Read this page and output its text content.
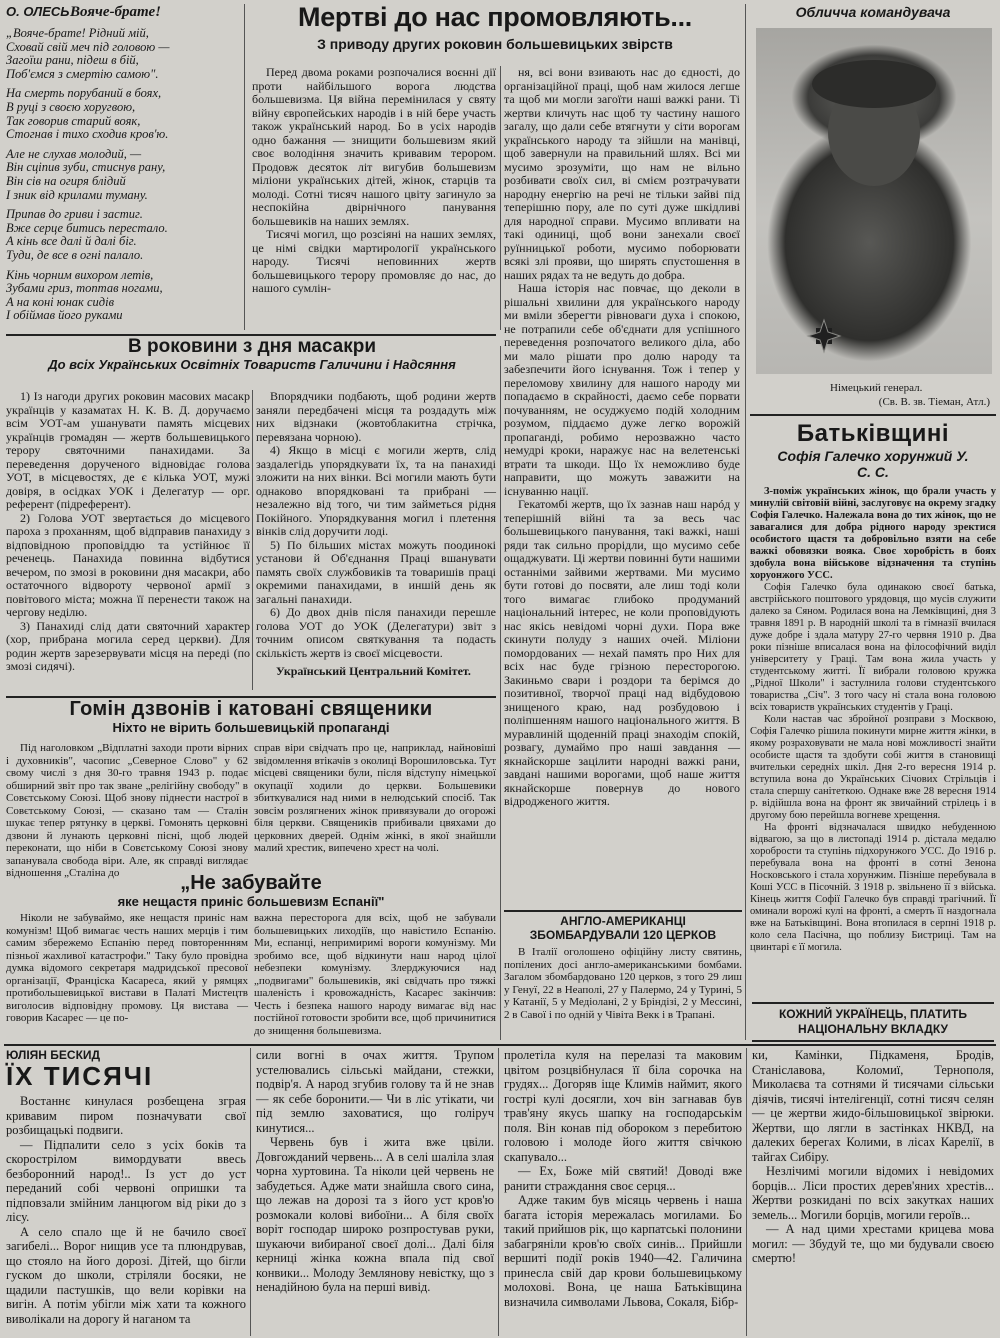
О. ОЛЕСЬ Вояче-брате!

„Вояче-брате! Рідний мій,
Сховай свій меч під головою —
Загоїш рани, підеш в бій,
Поб'ємся з смертію самою".

На смерть порубаний в боях,
В руці з своєю хоругвою,
Так говорив старий вояк,
Стогнав і тихо сходив кров'ю.

Але не слухав молодий, —
Він сціпив зуби, стиснув рану,
Він сів на огиря блідий
І зник від крилами туману.

Припав до гриви і застиг.
Вже серце битись перестало.
А кінь все далі й далі біг.
Туди, де все в огні палало.

Кінь чорним вихором летів,
Зубами гриз, топтав ногами,
А на коні юнак сидів
І обіймав його руками

Мертві до нас промовляють...
З приводу других роковин большевицьких звірств

Перед двома роками розпочалися воєнні дії проти найбільшого ворога людства большевизма. Ця війна перемінилася у святу війну європейських народів і в ній бере участь також український народ. Бо в усіх народів одно бажання — знищити большевизм який своє володіння значить кривавим терором. Продовж десяток літ вигубив большевизм міліони українських дітей, жінок, старців та молоді. Сотні тисяч нашого цвіту загинуло за неспокійна двірнічного панування большевиків на наших землях.

Тисячі могил, що розсіяні на наших землях, це німі свідки мартирології українського народу. Тисячі неповинних жертв большевицького терору промовляє до нас, до нашого сумлін-

ня, всі вони взивають нас до єдності, до організаційної праці, щоб нам жилося легше та щоб ми могли загоїти наші важкі рани. Ті жертви кличуть нас щоб ту частину нашого загалу, що дали себе втягнути у сіти ворогам українського народу та зійшли на манівці, щоб завернули на правильний шлях. Всі ми мусимо зрозуміти, що нам не вільно розбивати своїх сил, ві смієм розтрачувати народну енергію на речі не тільки зайві під теперішню пору, але по суті дуже шкідливі для народної справи. Мусимо впливати на такі одиниці, щоб вони занехали своєї руїнницької роботи, мусимо поборювати всякі злі прояви, що ширять спустошення в наших рядах та не ведуть до добра.

Наша історія нас повчає, що деколи в рішальні хвилини для українського народу ми вміли зберегти рівноваги духа і спокою, не потрапили себе об'єднати для успішного переведення розпочатого великого діла, або ми мало рішати про долю народу та забезпечити його існування. Тож і тепер у переломову хвилину для нашого народу ми попадаємо в скрайності, даємо себе порвати почуванням, не осуджуємо подій холодним розумом, піддаємо дуже легко ворожій пропаганді, робимо нерозважно часто немудрі кроки, наражує нас на велетенські втрати та шкоди. Що їх неможливо буде направити, що можуть заважити на існуванню нації.

Гекатомбі жертв, що їх зазнав наш нарóд у теперішній війні та за весь час большевицького панування, такі важкі, наші ряди так сильно прорідли, що мусимо себе ощаджувати. Ці жертви повинні бути нашими останніми зайвими жертвами. Ми мусимо бути готові до посвяти, але лиш тоді коли того вимагає глибоко продуманий національний інтерес, не коли проповідують нас якісь невідомі чорні духи. Пора вже скинути полуду з наших очей. Міліони помордованих — нехай память про Них для всіх нас буде грізною пересторогою. Закиньмо свари і роздори та берімся до позитивної, творчої праці над відбудовою знищеного краю, над розбудовою і поліпшенням нашого національного життя. В муравлиній щоденній праці знаходім спокій, розвагу, думаймо про наші завдання — якнайскорше зацілити народні важкі рани, завдані нашими ворогами, щоб наше життя якнайскорше повернув до нового відродженого життя.

Обличча командувача
Німецький генерал.
(Св. В. зв. Тіеман, Атл.)
В роковини з дня масакри
До всіх Українських Освітніх Товариств Галичини і Надсяння

1) Із нагоди других роковин масових масакр українців у казаматах Н. К. В. Д. доручаємо всім УОТ-ам ушанувати память місцевих українців громадян — жертв большевицького терору святочними панахидами. За переведення дорученого відновідає голова УОТ, в місцевостях, де є кілька УОТ, мужі довіря, в осідках УОК і Делегатур — орг. референт (підреферент).

2) Голова УОТ звертається до місцевого пароха з проханням, щоб відправив панахиду з відповідною проповіддю та устійнює її реченець. Панахида повинна відбутися вечером, по змозі в роковини дня масакри, або остаточного відвороту червоної армії з повітового міста; можна її перенести також на чергову неділю.

3) Панахиді слід дати святочний характер (хор, прибрана могила серед церкви). Для родин жертв зарезервувати місця на переді (по змозі сидячі).

Впорядчики подбають, щоб родини жертв заняли передбачені місця та роздадуть між них відзнаки (жовтоблакитна стрічка, перевязана чорною).

4) Якщо в місці є могили жертв, слід заздалегідь упорядкувати їх, та на панахиді зложити на них вінки. Всі могили мають бути однаково впорядковані та прибрані — незалежно від того, чи тим займеться рідня Покійного. Упорядкування могил і плетення вінків слід доручити лоді.

5) По більших містах можуть поодинокі установи й Об'єднання Праці вшанувати память своїх службовиків та товаришів праці окремими панахидами, в иншій день як загальні панахиди.

6) До двох днів після панахиди перешле голова УОТ до УОК (Делегатури) звіт з точним описом святкування та подасть скількість жертв із своєї місцевости.

Український Центральний Комітет.

Гомін дзвонів і катовані священики
Ніхто не вірить большевицькій пропаганді

Під наголовком „Відплатні заходи проти вірних і духовників", часопис „Северное Слово" у 62 свому числі з дня 30-го травня 1943 р. подає обширний звіт про так зване „релігійну свободу" в Совєтському Союзі. Щоб знову піднести настрої в Совєтському Союзі, — сказано там — Сталін шукає тепер рятунку в церкві. Гомонять церковні дзвони й лунають церковні пісні, щоб людей переконати, що ніби в Совєтському Союзі знову запанувала свобода віри. Але, як справді виглядає відношення „Сталіна до

справ віри свідчать про це, наприклад, найновіші звідомлення втікачів з околиці Ворошиловська. Тут місцеві священики були, після відступу німецької окупації ходили до церкви. Большевики збиткувалися над ними в нелюдський спосіб. Так зовсім розлягнених жінок привязували до огорожі біля церкви. Священиків прибивали цвяхами до церковних дверей. Однім жінкі, в якої знайшли малий хрестик, випечено хрест на чолі.

„Не забувайте
яке нещастя приніс большевизм Еспанії"

Ніколи не забуваймо, яке нещастя приніс нам комунізм! Щоб вимагає честь наших мерців і тим самим збережемо Еспанію перед повтореннням пізньої жахливої катастрофи." Таку було провідна думка відомого секретаря мадридської пресової організації, Франціска Касареса, який у рямцях протибольшевицької вистави в Палаті Мистецтв виголосив відповідну промову. Ця вистава — говорив Касарес — це по-

важна пересторога для всіх, щоб не забували большевицьких лиходіїв, що навістило Еспанію. Ми, еспанці, непримиримі вороги комунізму. Ми зробимо все, щоб відкинути наш народ цілої небезпеки комунізму. Злерджуючися над „подвигами" большевиків, які свідчать про тяжкі шаленість і кровожадність, Касарес закінчив: Честь і безпека нашого народу вимагає від нас постійної готовости зробити все, щоб причинитися до знищення большевизма.

АНГЛО-АМЕРИКАНЦІ ЗБОМБАРДУВАЛИ 120 ЦЕРКОВ

В Італії оголошено офіційну листу святинь, попілених досі англо-американськими бомбами. Загалом збомбардовано 120 церков, з того 29 лиш у Генуї, 22 в Неаполі, 27 у Палермо, 24 у Турині, 5 у Катанії, 5 у Медіолані, 2 у Бріндізі, 2 у Мессині, 2 в Савої і по одній у Чівіта Векк і в Трапані.

Батьківщині
Софія Галечко хорунжий У. С. С.

З-поміж українських жінок, що брали участь у минулій світовій війні, заслуговує на окрему згадку Софія Галечко. Належала вона до тих жінок, що не завагалися для добра рідного народу зректися особистого щастя та добровільно взяти на себе важкі обовязки вояка. Своє хоробрість в боях здобула вона військове відзначення та ступінь хоруонжого УСС.

Софія Галечко була одинакою своєї батька, австрійського поштового урядовця, що мусів служити далеко за Сяном. Родилася вона на Лемківщині, дня 3 травня 1891 р. В народній школі та в гімназії вчилася дуже добре і здала матуру 27-го червня 1910 р. Два роки пізніше вписалася вона на філософічний виділ університету у Граці. Там вона жила участь у студентському житті. Її вибрали головою кружка „Рідної Школи" і застулнила голови студентського товариства „Січ". З того часу ні стала вона головою всіх товариств українських студентів у Граці.

Коли настав час збройної розправи з Москвою, Софія Галечко рішила покинути мирне життя жінки, в якому розраховувати не мала нові можливості знайти особисте щастя та здобути собі життя в становищі вчительки середніх шкіл. Дня 2-го вересня 1914 р. вступила вона до Українських Січових Стрільців і стала спершу санітеткою. Однаке вже 28 вересня 1914 р. відійшла вона на фронт як звичайний стрілець і в другому бою перейшла вогневе хрещення.

На фронті відзначалася швидко небуденною відвагою, за що в листопаді 1914 р. дістала медалю хоробрости та ступінь підхорунжого УСС. До 1916 р. перебувала вона на фронті в сотні Зенона Носковського і стала хорунжим. Пізніше перебувала в Коші УСС в Пісочній. З 1918 р. звільнено її з війська. Кінець життя Софії Галечко був справді трагічний. Її оминали ворожі кулі на фронті, а смерть її наздогнала вже на Батьківщині. Вона втопилася в серпні 1918 р. коло села Пасічна, що поблизу Бистриці. Там на цвинтарі є її могила.

КОЖНИЙ УКРАЇНЕЦЬ, ПЛАТИТЬ НАЦІОНАЛЬНУ ВКЛАДКУ
ЮЛІЯН БЕСКИД
ЇХ ТИСЯЧІ

Востаннє кинулася розбещена зграя кривавим пиром позначувати свої розбищацькі подвиги.

— Підпалити село з усіх боків та скорострілом вимордувати ввесь безборонний народ!.. Із уст до уст переданий собі червоні опришки та підповзали змійним ланцюгом від ріки до з лісу.

А село спало ще й не бачило своєї загибелі... Ворог нищив усе та плюндрував, що стояло на його дорозі. Дітей, що бігли гуском до школи, стріляли босяки, не щадили пастушків, що вели корівки на вигін. А потім убігли між хати та кожного виволікали на дорогу й наганом та

сили вогні в очах життя. Трупом устелювались сільські майдани, стежки, подвір'я. А народ згубив голову та й не знав — як себе боронити.— Чи в ліс утікати, чи під землю заховатися, що голіруч кинутися...

Червень був і жита вже цвіли. Довгожданий червень... А в селі шаліла злая чорна хуртовина. Та ніколи цей червень не забудеться. Адже мати знайшла свого сина, що лежав на дорозі та з його уст кров'ю розмокали колові вибоїни... А біля своїх ворiт господар широко розпростував руки, шукаючи вибираної своєї долі... Далі біля керниці жінка кожна впала під свої конвики... Молоду Землянову невістку, що з ненадійною була на перші вивід.

пролетіла куля на перелазі та маковим цвітом розцвібнулася її біла сорочка на грудях... Догоряв іще Климів наймит, якого гострі кулі досягли, хоч він загнавав був трав'яну якусь шапку на господарськім поля. Він конав під обороком з перебитою головою і молоде його життя свічкою скапувало...

— Ех, Боже мій святий! Доводі вже ранити страждання своє серця...

Адже таким був місяць червень і наша багата історія мережалась могилами. Бо такий прийшов рік, що карпатські полонини забагряніли кров'ю своїх синів... Прийшли вершиті події років 1940—42. Галичина принесла свій дар крови большевицькому молохові. Вона, це наша Батьківщина визначила символами Львова, Сокаля, Бібр-

ки, Камінки, Підкаменя, Бродів, Станіславова, Коломиї, Тернополя, Миколаєва та сотнями й тисячами сільськи діячів, тисячі інтелігенції, сотні тисяч селян — це жертви жидо-більшовицької звірюки. Жертви, що лягли в застінках НКВД, на далеких берегах Колими, в лісах Карелії, в тайгах Сибіру.

Незлічимі могили відомих і невідомих борців... Ліси простих дерев'яних хрестів... Жертви розкидані по всіх закутках наших земель... Могили борців, могили героїв...

— А над цими хрестами крицева мова могил: — Збудуй те, що ми будували своєю смертю!
